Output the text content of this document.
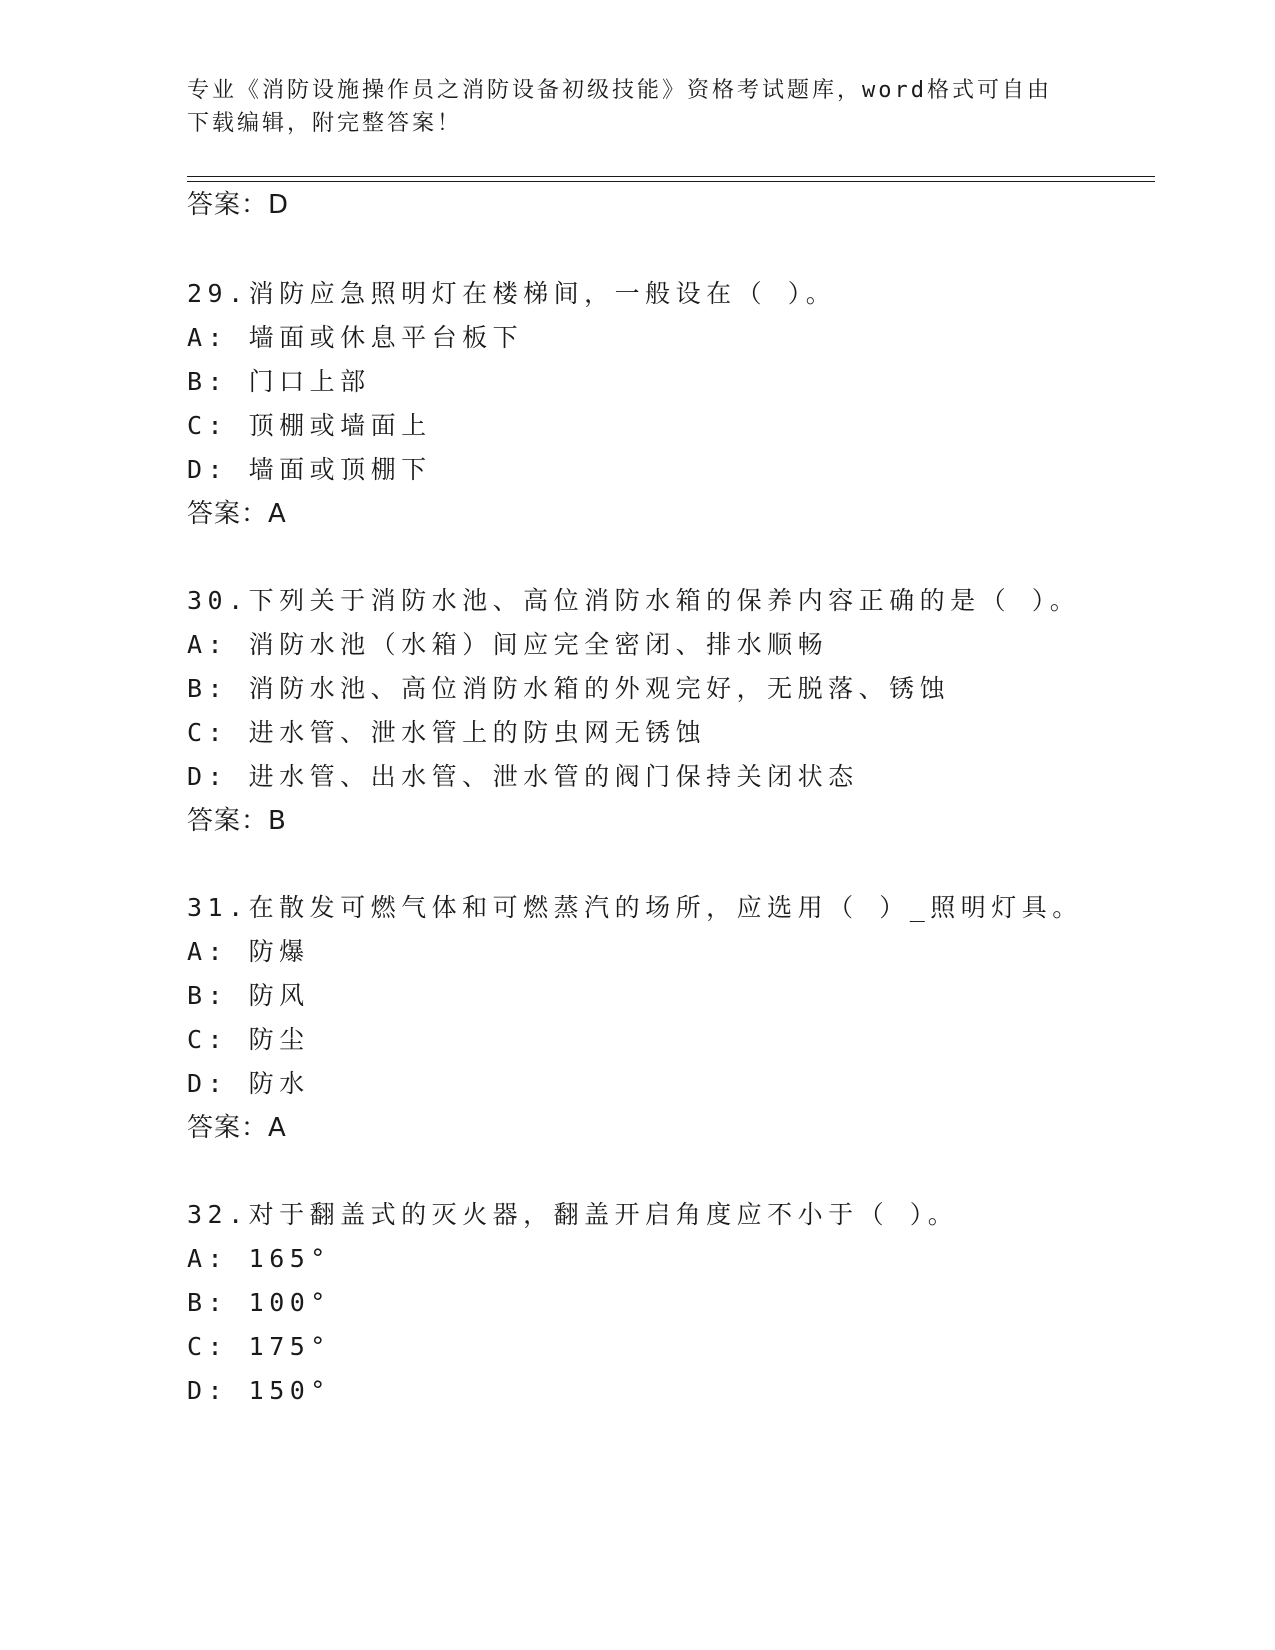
专业《消防设施操作员之消防设备初级技能》资格考试题库，word格式可自由下载编辑，附完整答案！

答案：D

29.消防应急照明灯在楼梯间，一般设在（ ）。

A: 墙面或休息平台板下

B: 门口上部

C: 顶棚或墙面上

D: 墙面或顶棚下

答案：A

30.下列关于消防水池、高位消防水箱的保养内容正确的是（ ）。

A: 消防水池（水箱）间应完全密闭、排水顺畅

B: 消防水池、高位消防水箱的外观完好，无脱落、锈蚀

C: 进水管、泄水管上的防虫网无锈蚀

D: 进水管、出水管、泄水管的阀门保持关闭状态

答案：B

31.在散发可燃气体和可燃蒸汽的场所，应选用（ ）_照明灯具。

A: 防爆

B: 防风

C: 防尘

D: 防水

答案：A

32.对于翻盖式的灭火器，翻盖开启角度应不小于（ ）。

A: 165°

B: 100°

C: 175°

D: 150°
